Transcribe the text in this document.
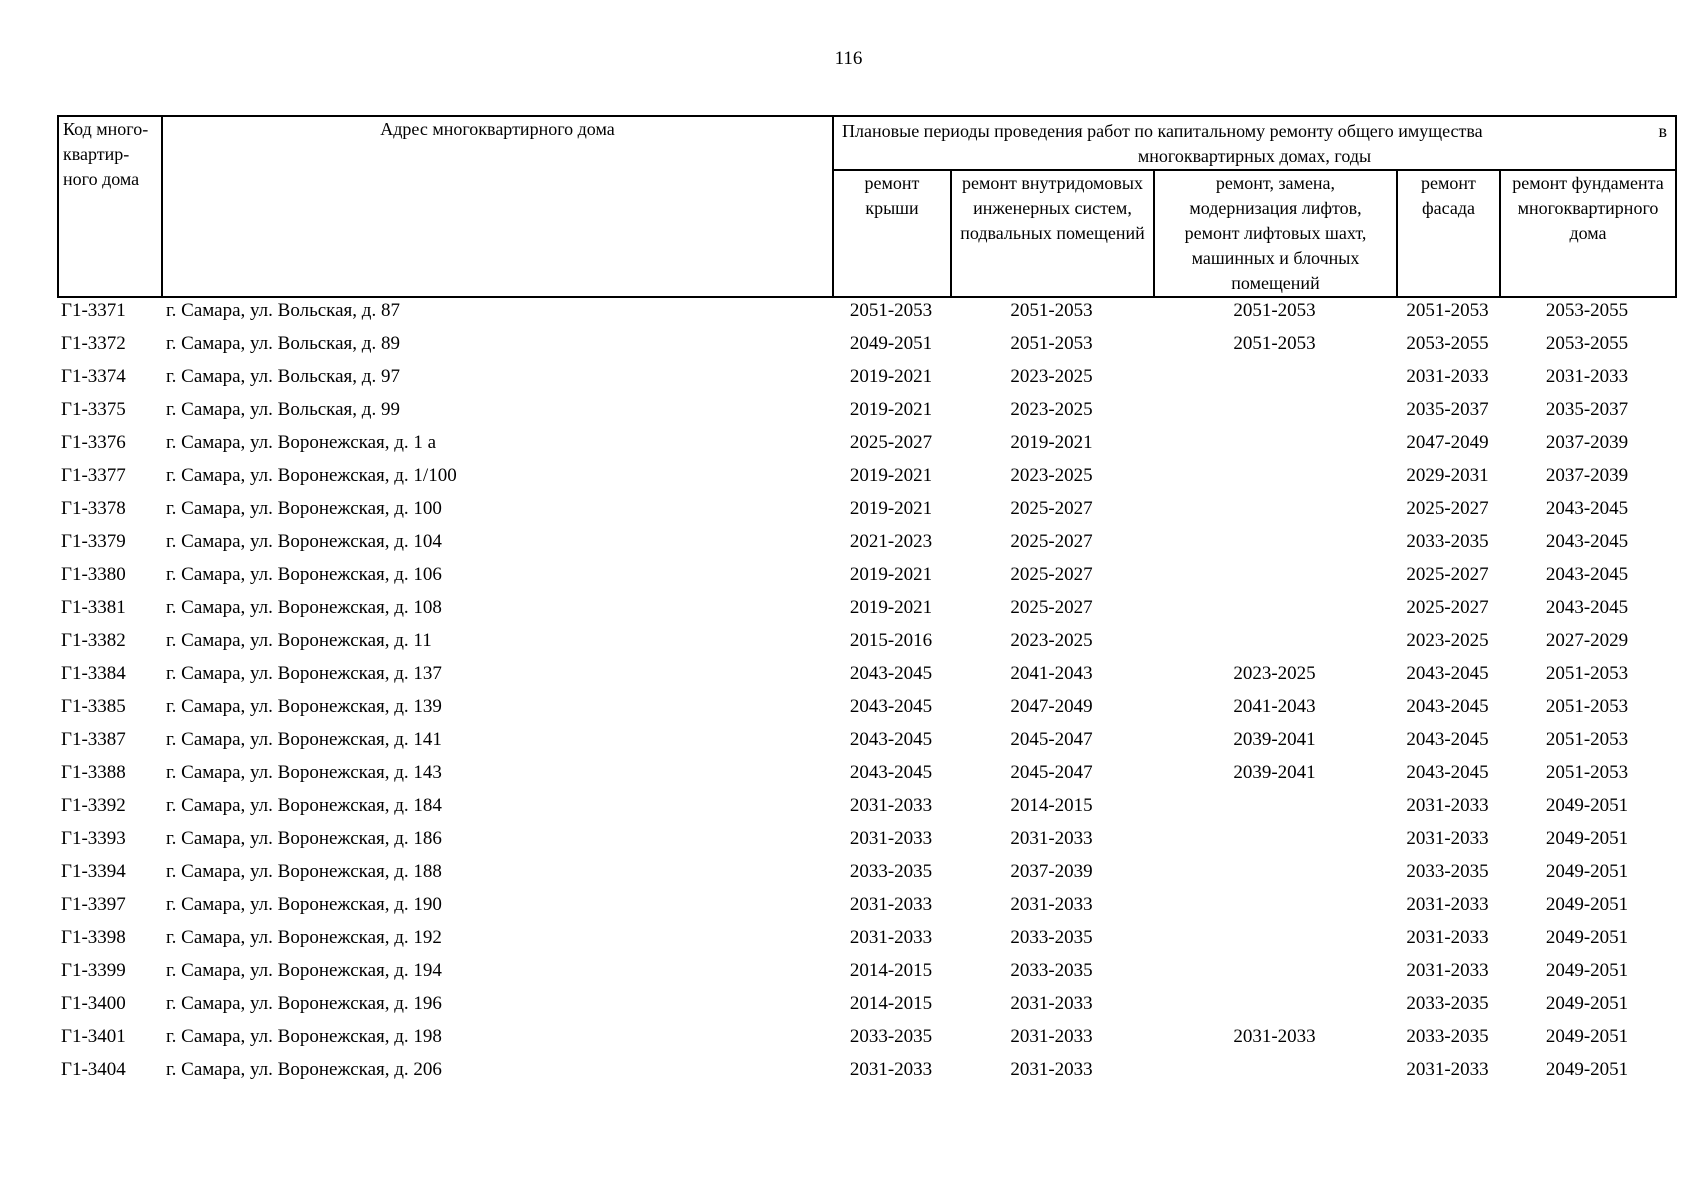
116
Код много-квартир-ного дома	Адрес многоквартирного дома	Плановые периоды проведения работ по капитальному ремонту общего имущества в
многоквартирных домах, годы				

		ремонт крыши	ремонт внутридомовых инженерных систем, подвальных помещений	ремонт, замена, модернизация лифтов, ремонт лифтовых шахт, машинных и блочных помещений	ремонт фасада	ремонт фундамента многоквартирного дома
Г1-3371	г. Самара, ул. Вольская, д. 87	2051-2053	2051-2053	2051-2053	2051-2053	2053-2055
Г1-3372	г. Самара, ул. Вольская, д. 89	2049-2051	2051-2053	2051-2053	2053-2055	2053-2055
Г1-3374	г. Самара, ул. Вольская, д. 97	2019-2021	2023-2025		2031-2033	2031-2033
Г1-3375	г. Самара, ул. Вольская, д. 99	2019-2021	2023-2025		2035-2037	2035-2037
Г1-3376	г. Самара, ул. Воронежская, д. 1 а	2025-2027	2019-2021		2047-2049	2037-2039
Г1-3377	г. Самара, ул. Воронежская, д. 1/100	2019-2021	2023-2025		2029-2031	2037-2039
Г1-3378	г. Самара, ул. Воронежская, д. 100	2019-2021	2025-2027		2025-2027	2043-2045
Г1-3379	г. Самара, ул. Воронежская, д. 104	2021-2023	2025-2027		2033-2035	2043-2045
Г1-3380	г. Самара, ул. Воронежская, д. 106	2019-2021	2025-2027		2025-2027	2043-2045
Г1-3381	г. Самара, ул. Воронежская, д. 108	2019-2021	2025-2027		2025-2027	2043-2045
Г1-3382	г. Самара, ул. Воронежская, д. 11	2015-2016	2023-2025		2023-2025	2027-2029
Г1-3384	г. Самара, ул. Воронежская, д. 137	2043-2045	2041-2043	2023-2025	2043-2045	2051-2053
Г1-3385	г. Самара, ул. Воронежская, д. 139	2043-2045	2047-2049	2041-2043	2043-2045	2051-2053
Г1-3387	г. Самара, ул. Воронежская, д. 141	2043-2045	2045-2047	2039-2041	2043-2045	2051-2053
Г1-3388	г. Самара, ул. Воронежская, д. 143	2043-2045	2045-2047	2039-2041	2043-2045	2051-2053
Г1-3392	г. Самара, ул. Воронежская, д. 184	2031-2033	2014-2015		2031-2033	2049-2051
Г1-3393	г. Самара, ул. Воронежская, д. 186	2031-2033	2031-2033		2031-2033	2049-2051
Г1-3394	г. Самара, ул. Воронежская, д. 188	2033-2035	2037-2039		2033-2035	2049-2051
Г1-3397	г. Самара, ул. Воронежская, д. 190	2031-2033	2031-2033		2031-2033	2049-2051
Г1-3398	г. Самара, ул. Воронежская, д. 192	2031-2033	2033-2035		2031-2033	2049-2051
Г1-3399	г. Самара, ул. Воронежская, д. 194	2014-2015	2033-2035		2031-2033	2049-2051
Г1-3400	г. Самара, ул. Воронежская, д. 196	2014-2015	2031-2033		2033-2035	2049-2051
Г1-3401	г. Самара, ул. Воронежская, д. 198	2033-2035	2031-2033	2031-2033	2033-2035	2049-2051
Г1-3404	г. Самара, ул. Воронежская, д. 206	2031-2033	2031-2033		2031-2033	2049-2051
